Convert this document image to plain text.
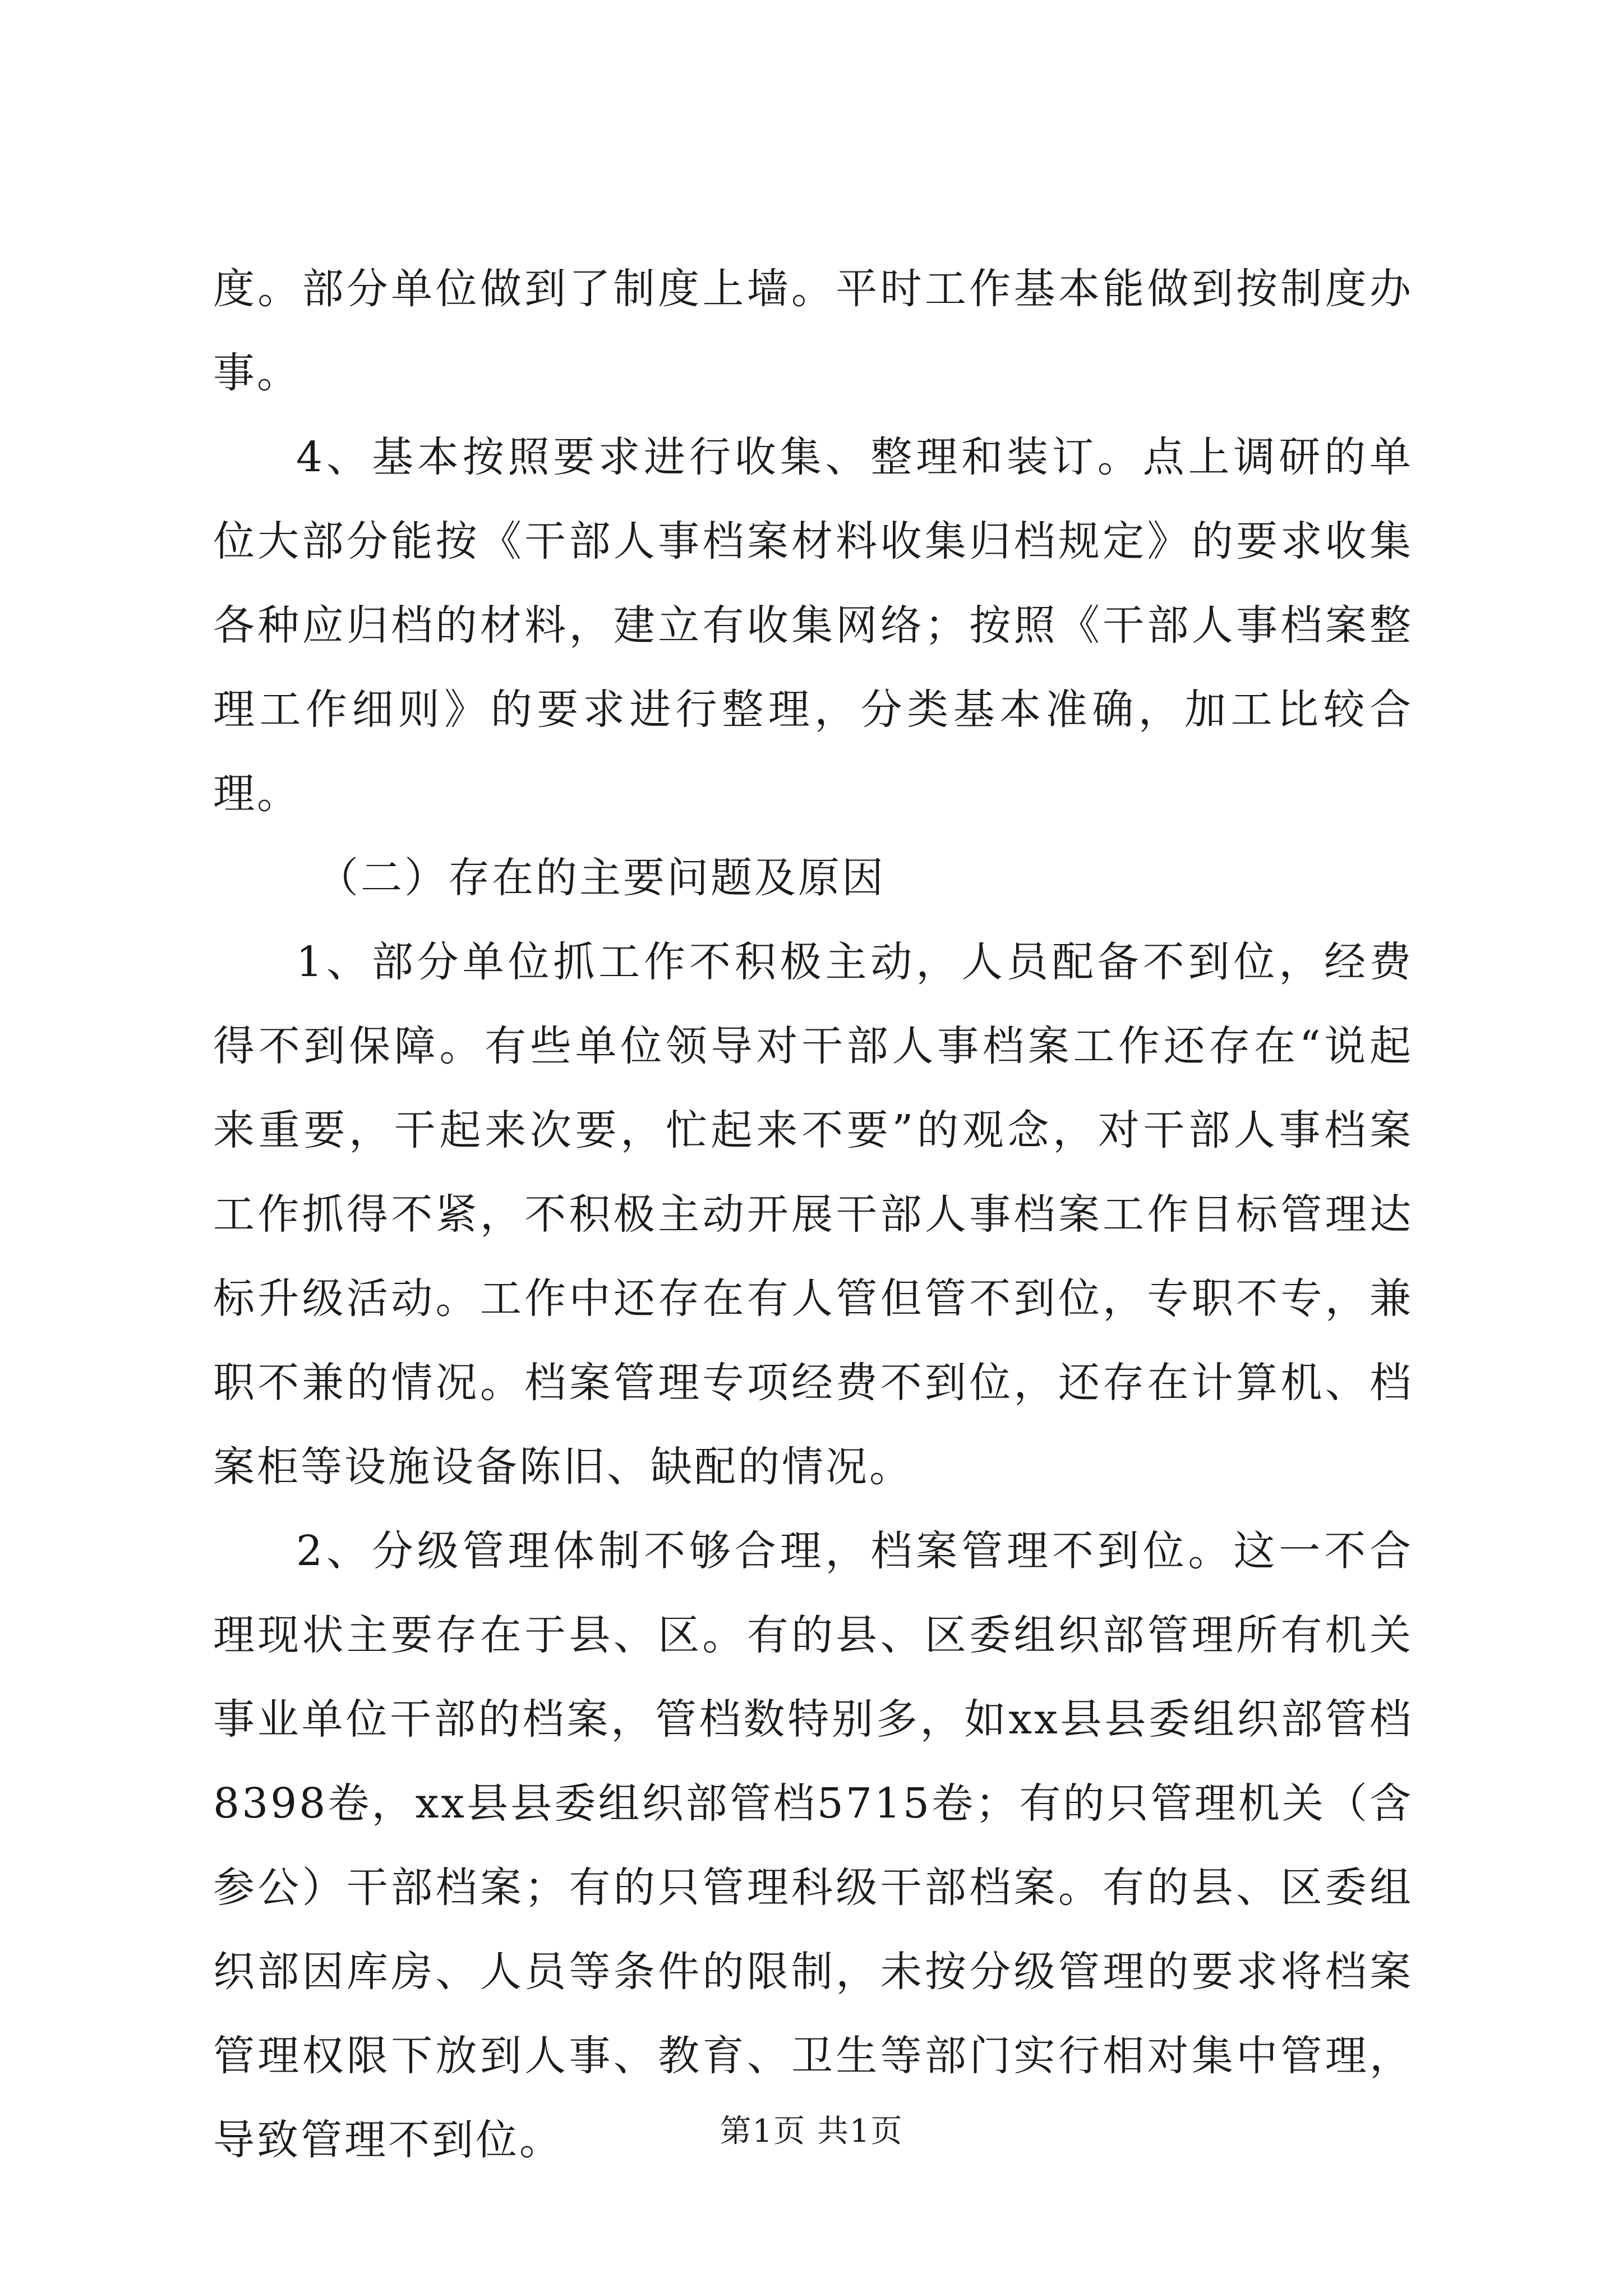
度。部分单位做到了制度上墙。平时工作基本能做到按制度办事。

4、基本按照要求进行收集、整理和装订。点上调研的单位大部分能按《干部人事档案材料收集归档规定》的要求收集各种应归档的材料，建立有收集网络；按照《干部人事档案整理工作细则》的要求进行整理，分类基本准确，加工比较合理。

（二）存在的主要问题及原因

1、部分单位抓工作不积极主动，人员配备不到位，经费得不到保障。有些单位领导对干部人事档案工作还存在“说起来重要，干起来次要，忙起来不要”的观念，对干部人事档案工作抓得不紧，不积极主动开展干部人事档案工作目标管理达标升级活动。工作中还存在有人管但管不到位，专职不专，兼职不兼的情况。档案管理专项经费不到位，还存在计算机、档案柜等设施设备陈旧、缺配的情况。

2、分级管理体制不够合理，档案管理不到位。这一不合理现状主要存在于县、区。有的县、区委组织部管理所有机关事业单位干部的档案，管档数特别多，如xx县县委组织部管档8398卷，xx县县委组织部管档5715卷；有的只管理机关（含参公）干部档案；有的只管理科级干部档案。有的县、区委组织部因库房、人员等条件的限制，未按分级管理的要求将档案管理权限下放到人事、教育、卫生等部门实行相对集中管理，导致管理不到位。	第1页 共1页
